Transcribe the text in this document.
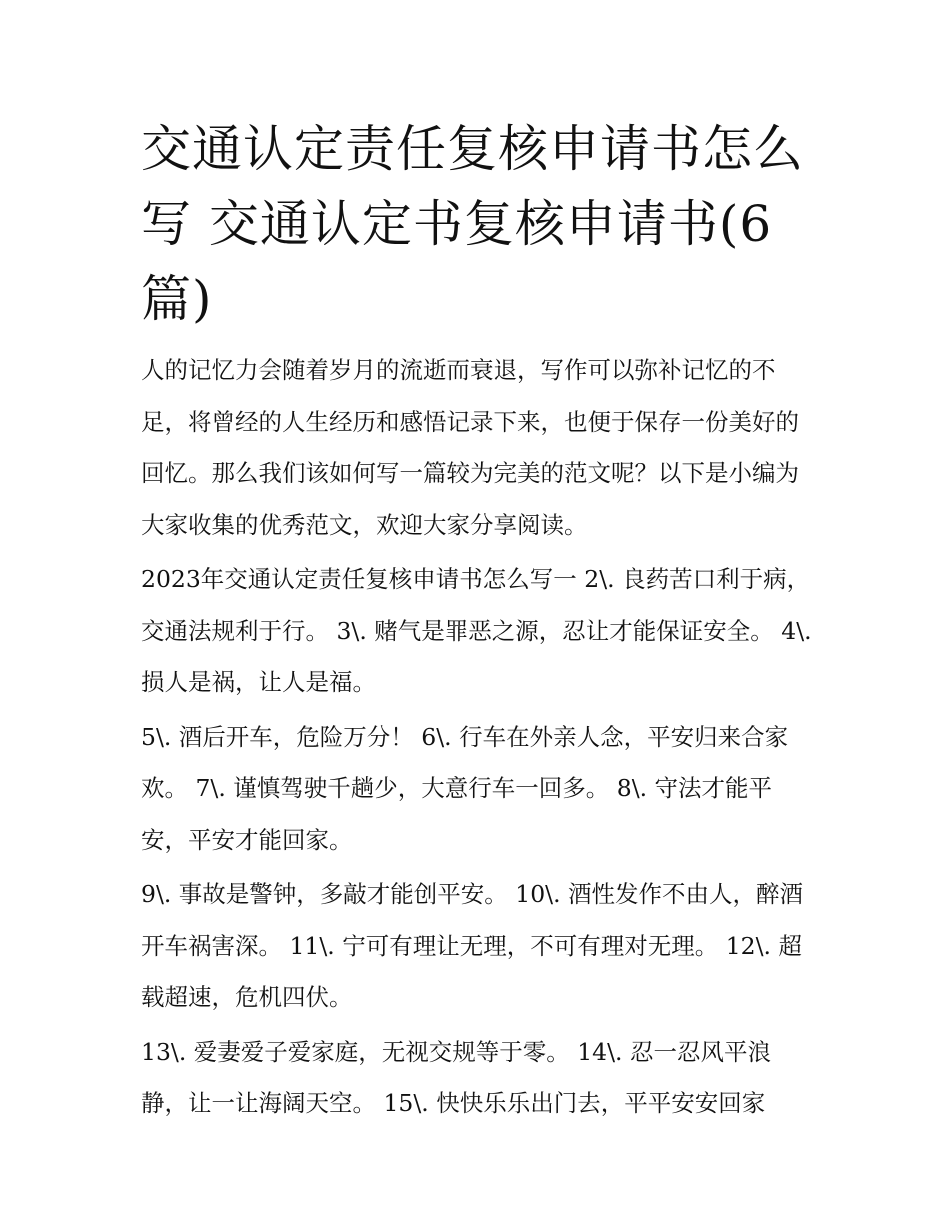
交通认定责任复核申请书怎么写 交通认定书复核申请书(6篇)

人的记忆力会随着岁月的流逝而衰退，写作可以弥补记忆的不足，将曾经的人生经历和感悟记录下来，也便于保存一份美好的回忆。那么我们该如何写一篇较为完美的范文呢？以下是小编为大家收集的优秀范文，欢迎大家分享阅读。

2023年交通认定责任复核申请书怎么写一 2\. 良药苦口利于病，交通法规利于行。 3\. 赌气是罪恶之源，忍让才能保证安全。 4\. 损人是祸，让人是福。

5\. 酒后开车，危险万分！ 6\. 行车在外亲人念，平安归来合家欢。 7\. 谨慎驾驶千趟少，大意行车一回多。 8\. 守法才能平安，平安才能回家。

9\. 事故是警钟，多敲才能创平安。 10\. 酒性发作不由人，醉酒开车祸害深。 11\. 宁可有理让无理，不可有理对无理。 12\. 超载超速，危机四伏。

13\. 爱妻爱子爱家庭，无视交规等于零。 14\. 忍一忍风平浪静，让一让海阔天空。 15\. 快快乐乐出门去，平平安安回家
